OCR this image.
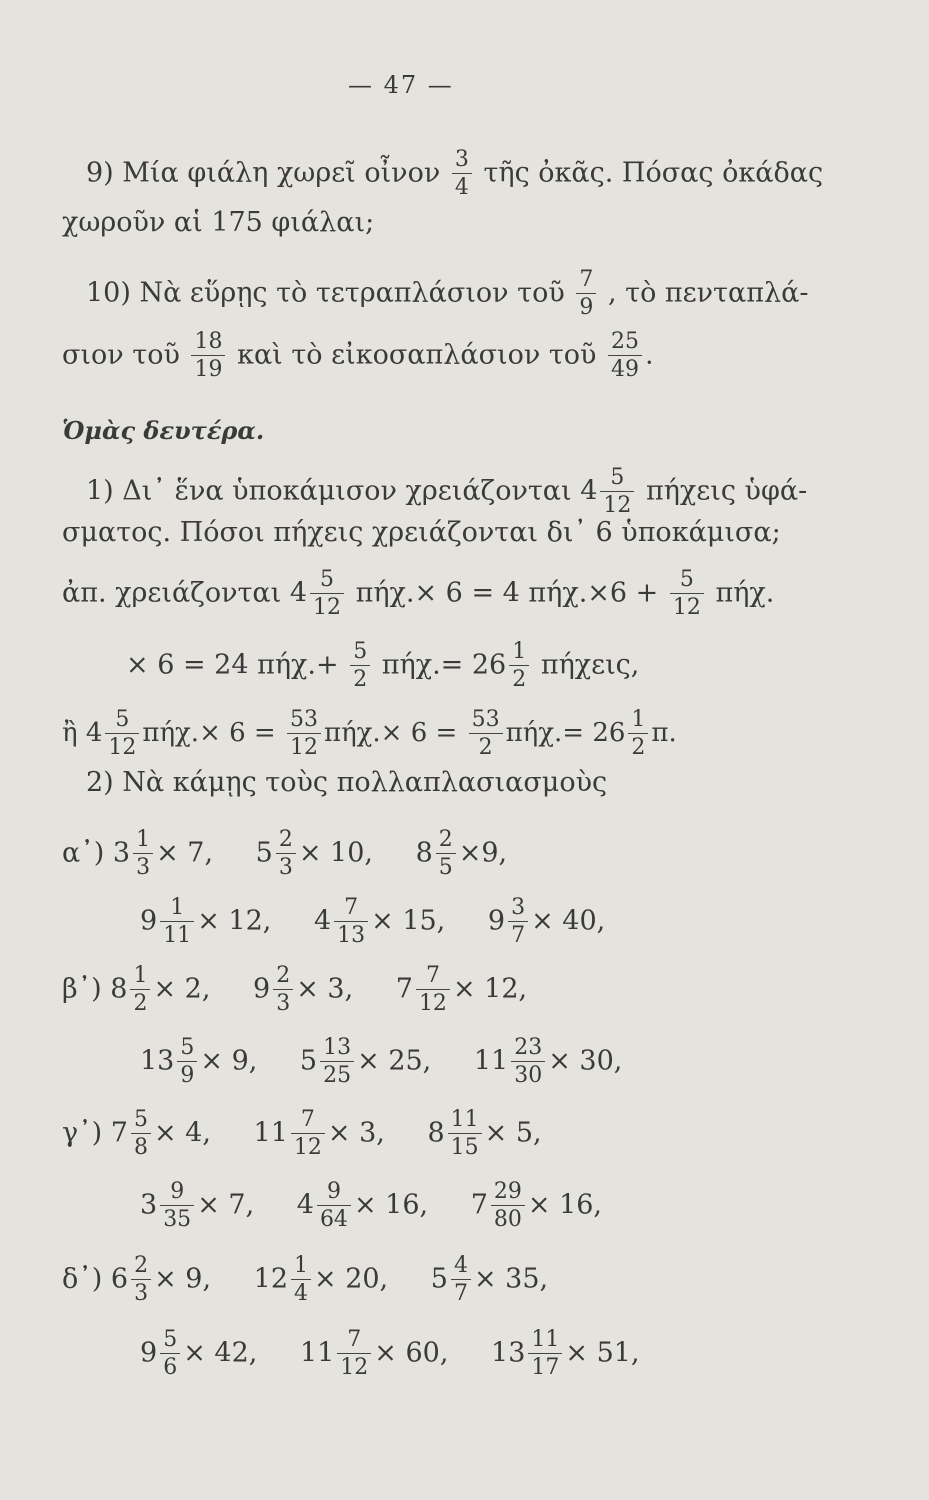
— 47 —
9) Μία φιάλη χωρεῖ οἶνον $\frac{3}{4}$ τῆς ὀκᾶς. Πόσας ὀκάδας
χωροῦν αἱ 175 φιάλαι;
10) Νὰ εὕρῃς τὸ τετραπλάσιον τοῦ $\frac{7}{9}$ , τὸ πενταπλά-
σιον τοῦ $\frac{18}{19}$ καὶ τὸ εἰκοσαπλάσιον τοῦ $\frac{25}{49}$ .
Ὁμὰς δευτέρα.
1) Δι᾽ ἕνα ὑποκάμισον χρειάζονται $4 \frac{5}{12}$ πήχεις ὑφά-
σματος. Πόσοι πήχεις χρειάζονται δι᾽ 6 ὑποκάμισα;
ἀπ. χρειάζονται $4 \frac{5}{12} \pi ή\chi.\times 6 = 4$ $\pi ή\chi.\times 6 + \frac{5}{12} \pi ή\chi$.
× 6 = 24 $\pi ή\chi.+ \frac{5}{2} \pi ή\chi.= 26 \frac{1}{2} \pi ή\chi\varepsilon\iota\varsigma$,
ἢ $4 \frac{5}{12} \pi ή\chi.\times 6 = \frac{53}{12} \pi ή\chi.\times 6 = \frac{53}{2} \pi ή\chi.= 26 \frac{1}{2} \pi$.
2) Νὰ κάμῃς τοὺς πολλαπλασιασμοὺς
α᾽) $3 \frac{1}{3} \times 7$, $5 \frac{2}{3} \times 10$, $8 \frac{2}{5} \times 9$,
$9 \frac{1}{11} \times 12$, $4 \frac{7}{13} \times 15$, $9 \frac{3}{7} \times 40$,
β᾽) $8 \frac{1}{2} \times 2$, $9 \frac{2}{3} \times 3$, $7 \frac{7}{12} \times 12$,
$13 \frac{5}{9} \times 9$, $5 \frac{13}{25} \times 25$, $11 \frac{23}{30} \times 30$,
γ᾽) $7 \frac{5}{8} \times 4$, $11 \frac{7}{12} \times 3$, $8 \frac{11}{15} \times 5$,
$3 \frac{9}{35} \times 7$, $4 \frac{9}{64} \times 16$, $7 \frac{29}{80} \times 16$,
δ᾽) $6 \frac{2}{3} \times 9$, $12 \frac{1}{4} \times 20$, $5 \frac{4}{7} \times 35$,
$9 \frac{5}{6} \times 42$, $11 \frac{7}{12} \times 60$, $13 \frac{11}{17} \times 51$,
